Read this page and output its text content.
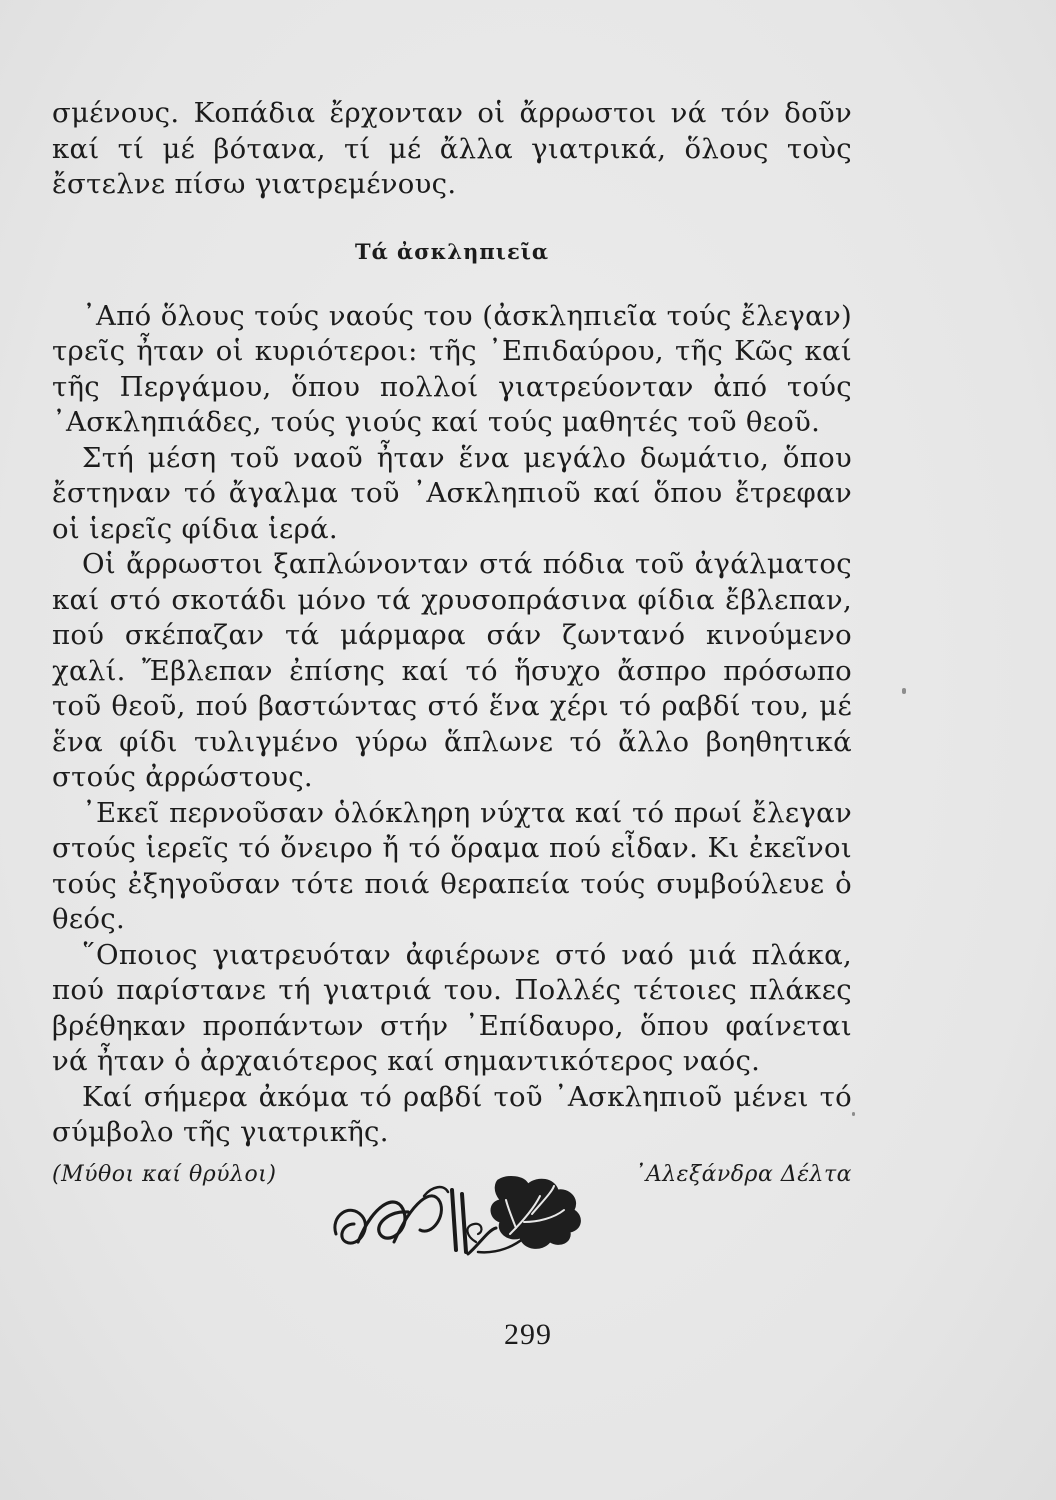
σμένους. Κοπάδια ἔρχονταν οἱ ἄρρωστοι νά τόν δοῦν καί τί μέ βότανα, τί μέ ἄλλα γιατρικά, ὅλους τοὺς ἔστελνε πίσω γιατρεμένους.

Τά ἀσκληπιεῖα

᾿Από ὅλους τούς ναούς του (ἀσκληπιεῖα τούς ἔλεγαν) τρεῖς ἦταν οἱ κυριότεροι: τῆς ᾿Επιδαύρου, τῆς Κῶς καί τῆς Περγάμου, ὅπου πολλοί γιατρεύονταν ἀπό τούς ᾿Ασκληπιάδες, τούς γιούς καί τούς μαθητές τοῦ θεοῦ.

Στή μέση τοῦ ναοῦ ἦταν ἕνα μεγάλο δωμάτιο, ὅπου ἔστηναν τό ἄγαλμα τοῦ ᾿Ασκληπιοῦ καί ὅπου ἔτρεφαν οἱ ἱερεῖς φίδια ἱερά.

Οἱ ἄρρωστοι ξαπλώνονταν στά πόδια τοῦ ἀγάλματος καί στό σκοτάδι μόνο τά χρυσοπράσινα φίδια ἔβλεπαν, πού σκέπαζαν τά μάρμαρα σάν ζωντανό κινούμενο χαλί. Ἔβλεπαν ἐπίσης καί τό ἥσυχο ἄσπρο πρόσωπο τοῦ θεοῦ, πού βαστώντας στό ἕνα χέρι τό ραβδί του, μέ ἕνα φίδι τυλιγμένο γύρω ἅπλωνε τό ἄλλο βοηθητικά στούς ἀρρώστους.

᾿Εκεῖ περνοῦσαν ὁλόκληρη νύχτα καί τό πρωί ἔλεγαν στούς ἱερεῖς τό ὄνειρο ἤ τό ὅραμα πού εἶδαν. Κι ἐκεῖνοι τούς ἐξηγοῦσαν τότε ποιά θεραπεία τούς συμβούλευε ὁ θεός.

῞Οποιος γιατρευόταν ἀφιέρωνε στό ναό μιά πλάκα, πού παρίστανε τή γιατριά του. Πολλές τέτοιες πλάκες βρέθηκαν προπάντων στήν ᾿Επίδαυρο, ὅπου φαίνεται νά ἦταν ὁ ἀρχαιότερος καί σημαντικότερος ναός.

Καί σήμερα ἀκόμα τό ραβδί τοῦ ᾿Ασκληπιοῦ μένει τό σύμβολο τῆς γιατρικῆς.

(Μύθοι καί θρύλοι)	᾿Αλεξάνδρα Δέλτα
299
